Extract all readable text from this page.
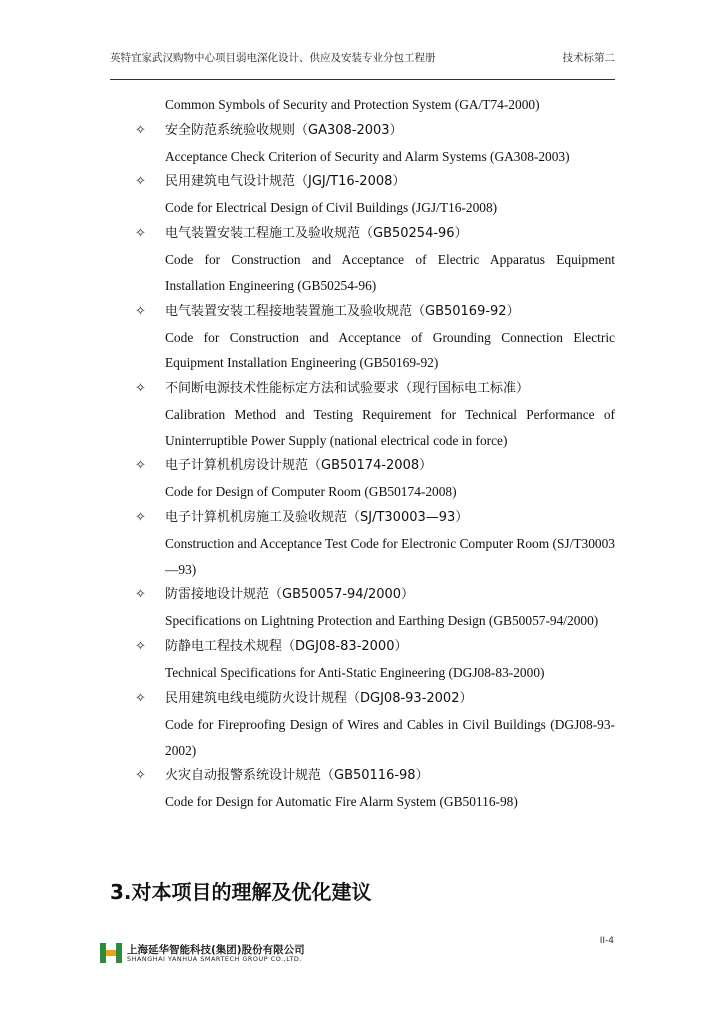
英特宜家武汉购物中心项目弱电深化设计、供应及安装专业分包工程册	技术标第二
Common Symbols of Security and Protection System (GA/T74-2000)
✧	安全防范系统验收规则（GA308-2003）
Acceptance Check Criterion of Security and Alarm Systems (GA308-2003)
✧	民用建筑电气设计规范（JGJ/T16-2008）
Code for Electrical Design of Civil Buildings (JGJ/T16-2008)
✧	电气装置安装工程施工及验收规范（GB50254-96）
Code for Construction and Acceptance of Electric Apparatus Equipment Installation Engineering (GB50254-96)
✧	电气装置安装工程接地装置施工及验收规范（GB50169-92）
Code for Construction and Acceptance of Grounding Connection Electric Equipment Installation Engineering (GB50169-92)
✧	不间断电源技术性能标定方法和试验要求（现行国标电工标准）
Calibration Method and Testing Requirement for Technical Performance of Uninterruptible Power Supply (national electrical code in force)
✧	电子计算机机房设计规范（GB50174-2008）
Code for Design of Computer Room (GB50174-2008)
✧	电子计算机机房施工及验收规范（SJ/T30003—93）
Construction and Acceptance Test Code for Electronic Computer Room (SJ/T30003—93)
✧	防雷接地设计规范（GB50057-94/2000）
Specifications on Lightning Protection and Earthing Design (GB50057-94/2000)
✧	防静电工程技术规程（DGJ08-83-2000）
Technical Specifications for Anti-Static Engineering (DGJ08-83-2000)
✧	民用建筑电线电缆防火设计规程（DGJ08-93-2002）
Code for Fireproofing Design of Wires and Cables in Civil Buildings (DGJ08-93-2002)
✧	火灾自动报警系统设计规范（GB50116-98）
Code for Design for Automatic Fire Alarm System (GB50116-98)
3.对本项目的理解及优化建议
上海延华智能科技(集团)股份有限公司
SHANGHAI YANHUA SMARTECH GROUP CO.,LTD.
II-4
